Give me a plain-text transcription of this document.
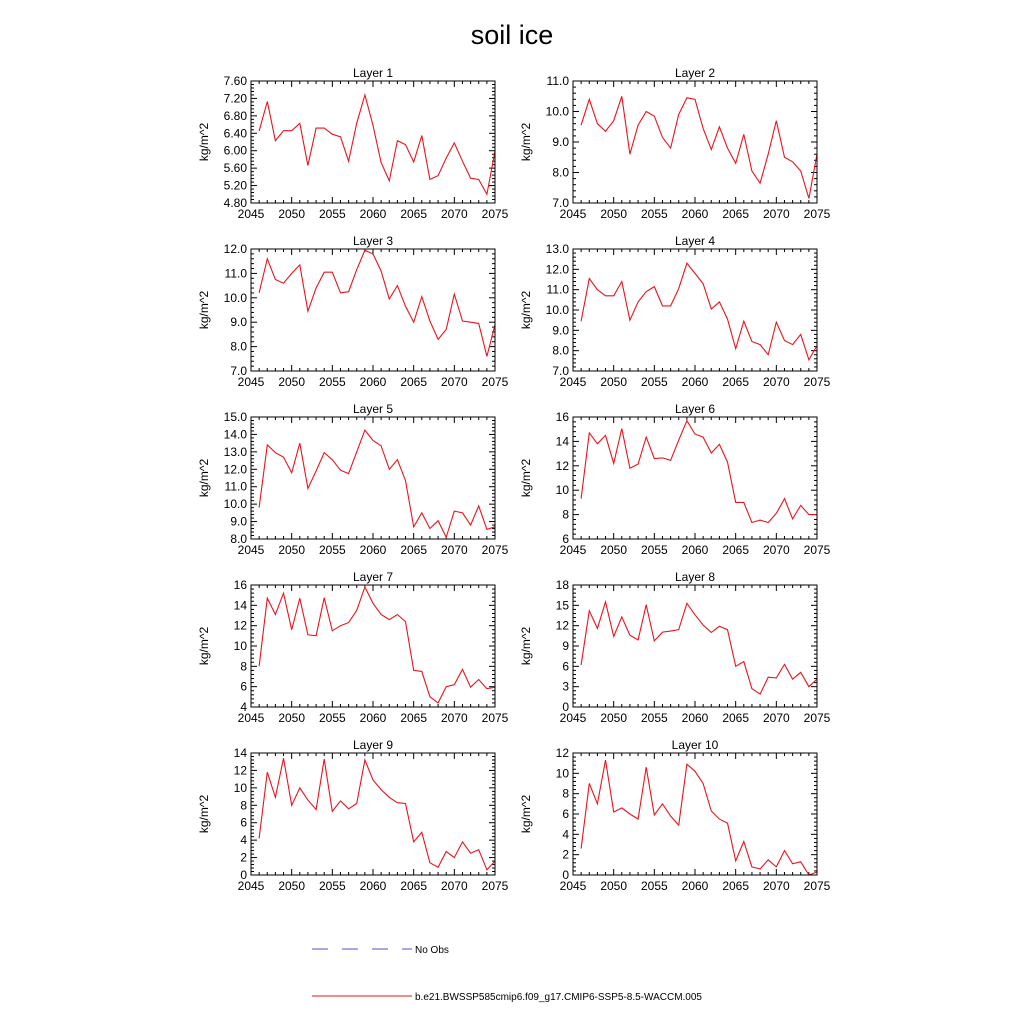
soil ice
Layer 1
kg/m^2
2045 2050 2055 2060 2065 2070 2075
4.80
5.20
5.60
6.00
6.40
6.80
7.20
7.60
Layer 2
kg/m^2
2045 2050 2055 2060 2065 2070 2075
7.0
8.0
9.0
10.0
11.0
Layer 3
kg/m^2
2045 2050 2055 2060 2065 2070 2075
7.0
8.0
9.0
10.0
11.0
12.0
Layer 4
kg/m^2
2045 2050 2055 2060 2065 2070 2075
7.0
8.0
9.0
10.0
11.0
12.0
13.0
Layer 5
kg/m^2
2045 2050 2055 2060 2065 2070 2075
8.0
9.0
10.0
11.0
12.0
13.0
14.0
15.0
Layer 6
kg/m^2
2045 2050 2055 2060 2065 2070 2075
6
8
10
12
14
16
Layer 7
kg/m^2
2045 2050 2055 2060 2065 2070 2075
4
6
8
10
12
14
16
Layer 8
kg/m^2
2045 2050 2055 2060 2065 2070 2075
0
3
6
9
12
15
18
Layer 9
kg/m^2
2045 2050 2055 2060 2065 2070 2075
0
2
4
6
8
10
12
14
Layer 10
kg/m^2
2045 2050 2055 2060 2065 2070 2075
0
2
4
6
8
10
12
No Obs
b.e21.BWSSP585cmip6.f09_g17.CMIP6-SSP5-8.5-WACCM.005
